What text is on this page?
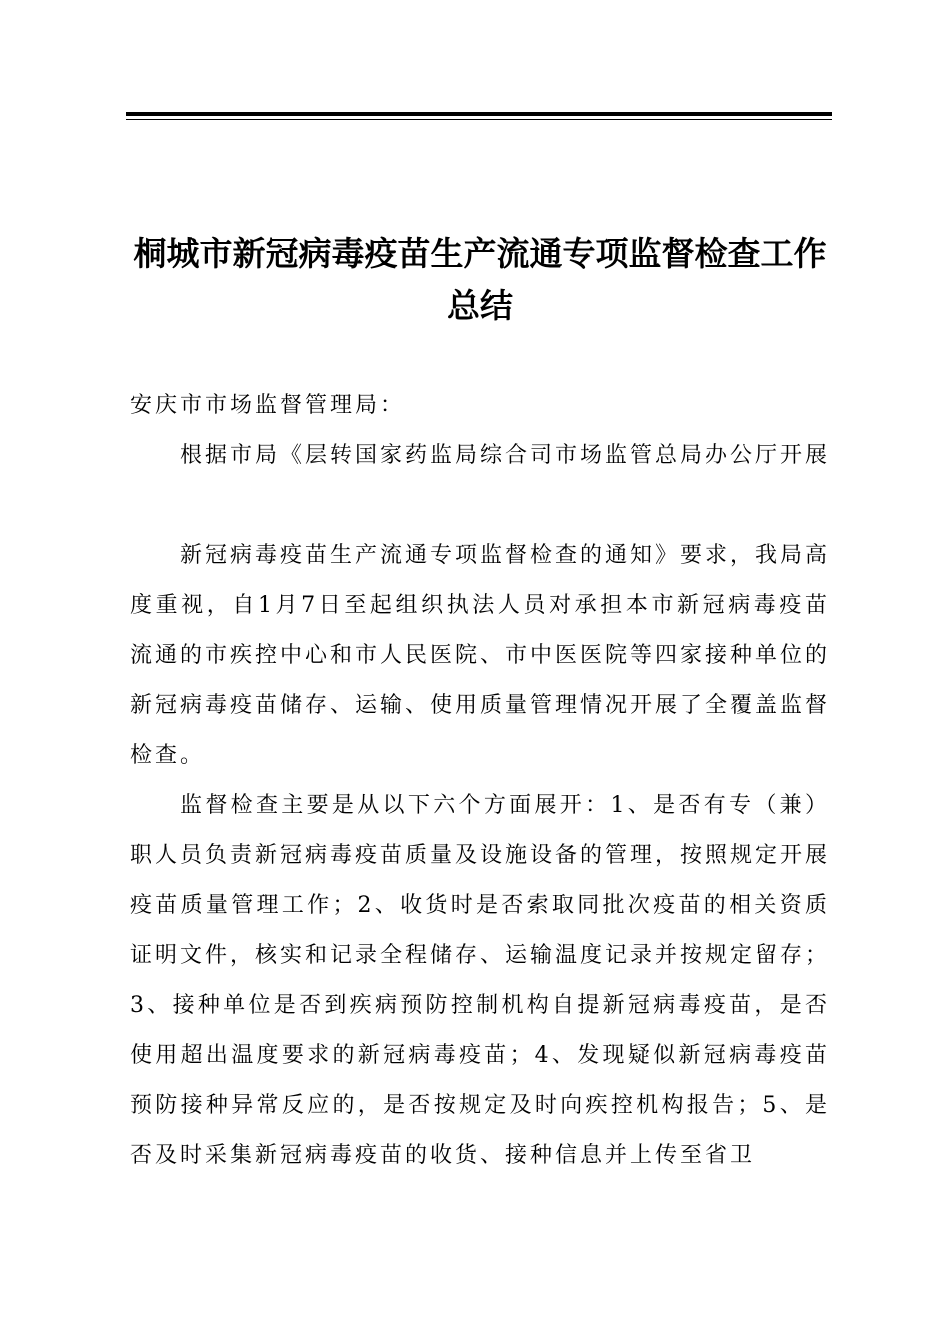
桐城市新冠病毒疫苗生产流通专项监督检查工作总结

安庆市市场监督管理局：

根据市局《层转国家药监局综合司市场监管总局办公厅开展

新冠病毒疫苗生产流通专项监督检查的通知》要求，我局高度重视，自1月7日至起组织执法人员对承担本市新冠病毒疫苗流通的市疾控中心和市人民医院、市中医医院等四家接种单位的新冠病毒疫苗储存、运输、使用质量管理情况开展了全覆盖监督检查。

监督检查主要是从以下六个方面展开：1、是否有专（兼）职人员负责新冠病毒疫苗质量及设施设备的管理，按照规定开展疫苗质量管理工作；2、收货时是否索取同批次疫苗的相关资质证明文件，核实和记录全程储存、运输温度记录并按规定留存；3、接种单位是否到疾病预防控制机构自提新冠病毒疫苗，是否使用超出温度要求的新冠病毒疫苗；4、发现疑似新冠病毒疫苗预防接种异常反应的，是否按规定及时向疾控机构报告；5、是否及时采集新冠病毒疫苗的收货、接种信息并上传至省卫
